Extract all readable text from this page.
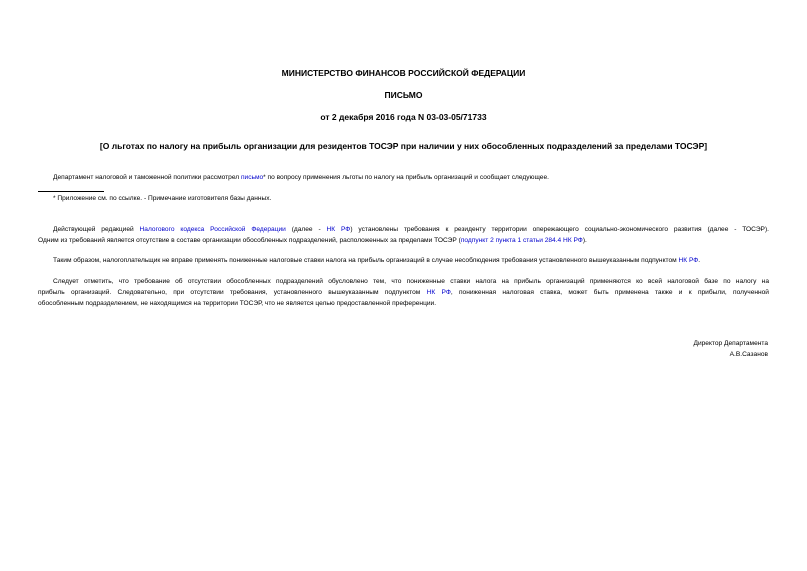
МИНИСТЕРСТВО ФИНАНСОВ РОССИЙСКОЙ ФЕДЕРАЦИИ
ПИСЬМО
от 2 декабря 2016 года N 03-03-05/71733
[О льготах по налогу на прибыль организации для резидентов ТОСЭР при наличии у них обособленных подразделений за пределами ТОСЭР]

Департамент налоговой и таможенной политики рассмотрел письмо* по вопросу применения льготы по налогу на прибыль организаций и сообщает следующее.

* Приложение см. по ссылке. - Примечание изготовителя базы данных.

Действующей редакцией Налогового кодекса Российской Федерации (далее - НК РФ) установлены требования к резиденту территории опережающего социально-экономического развития (далее - ТОСЭР).

Одним из требований является отсутствие в составе организации обособленных подразделений, расположенных за пределами ТОСЭР (подпункт 2 пункта 1 статьи 284.4 НК РФ).

Таким образом, налогоплательщик не вправе применять пониженные налоговые ставки налога на прибыль организаций в случае несоблюдения требования установленного вышеуказанным подпунктом НК РФ.

Следует отметить, что требование об отсутствии обособленных подразделений обусловлено тем, что пониженные ставки налога на прибыль организаций применяются ко всей налоговой базе по налогу на

прибыль организаций. Следовательно, при отсутствии требования, установленного вышеуказанным подпунктом НК РФ, пониженная налоговая ставка, может быть применена также и к прибыли, полученной
обособленным подразделением, не находящимся на территории ТОСЭР, что не является целью предоставленной преференции.
Директор Департамента
А.В.Сазанов
